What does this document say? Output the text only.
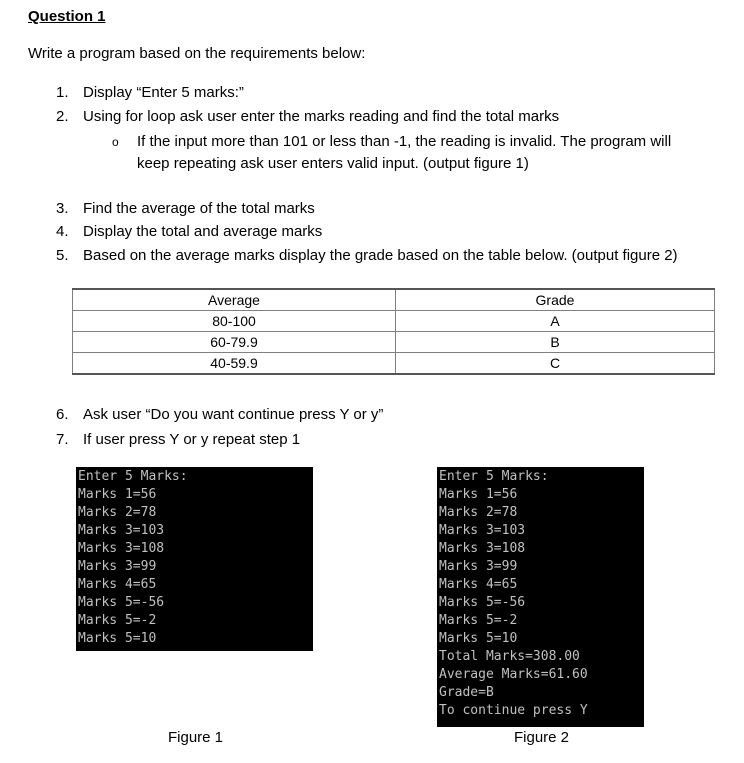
Question 1
Write a program based on the requirements below:
1. Display “Enter 5 marks:”
2. Using for loop ask user enter the marks reading and find the total marks
o If the input more than 101 or less than -1, the reading is invalid. The program will keep repeating ask user enters valid input. (output figure 1)
3. Find the average of the total marks
4. Display the total and average marks
5. Based on the average marks display the grade based on the table below. (output figure 2)
Average	Grade
80-100	A
60-79.9	B
40-59.9	C
6. Ask user “Do you want continue press Y or y”
7. If user press Y or y repeat step 1
Enter 5 Marks:
Marks 1=56
Marks 2=78
Marks 3=103
Marks 3=108
Marks 3=99
Marks 4=65
Marks 5=-56
Marks 5=-2
Marks 5=10
Enter 5 Marks:
Marks 1=56
Marks 2=78
Marks 3=103
Marks 3=108
Marks 3=99
Marks 4=65
Marks 5=-56
Marks 5=-2
Marks 5=10
Total Marks=308.00
Average Marks=61.60
Grade=B
To continue press Y
Figure 1	Figure 2
